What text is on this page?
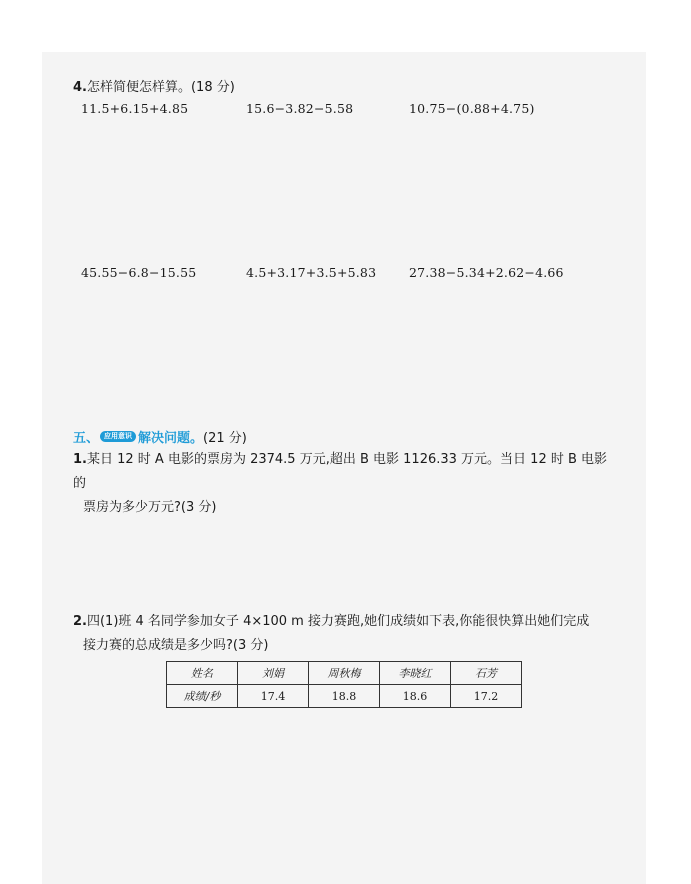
4.怎样简便怎样算。(18 分)
11.5+6.15+4.85	15.6−3.82−5.58	10.75−(0.88+4.75)
45.55−6.8−15.55	4.5+3.17+3.5+5.83	27.38−5.34+2.62−4.66
五、 应用意识 解决问题。 (21 分)
1.某日 12 时 A 电影的票房为 2374.5 万元,超出 B 电影 1126.33 万元。当日 12 时 B 电影的
票房为多少万元?(3 分)
2.四(1)班 4 名同学参加女子 4×100 m 接力赛跑,她们成绩如下表,你能很快算出她们完成
接力赛的总成绩是多少吗?(3 分)
姓名	刘娟	周秋梅	李晓红	石芳
成绩/秒	17.4	18.8	18.6	17.2
